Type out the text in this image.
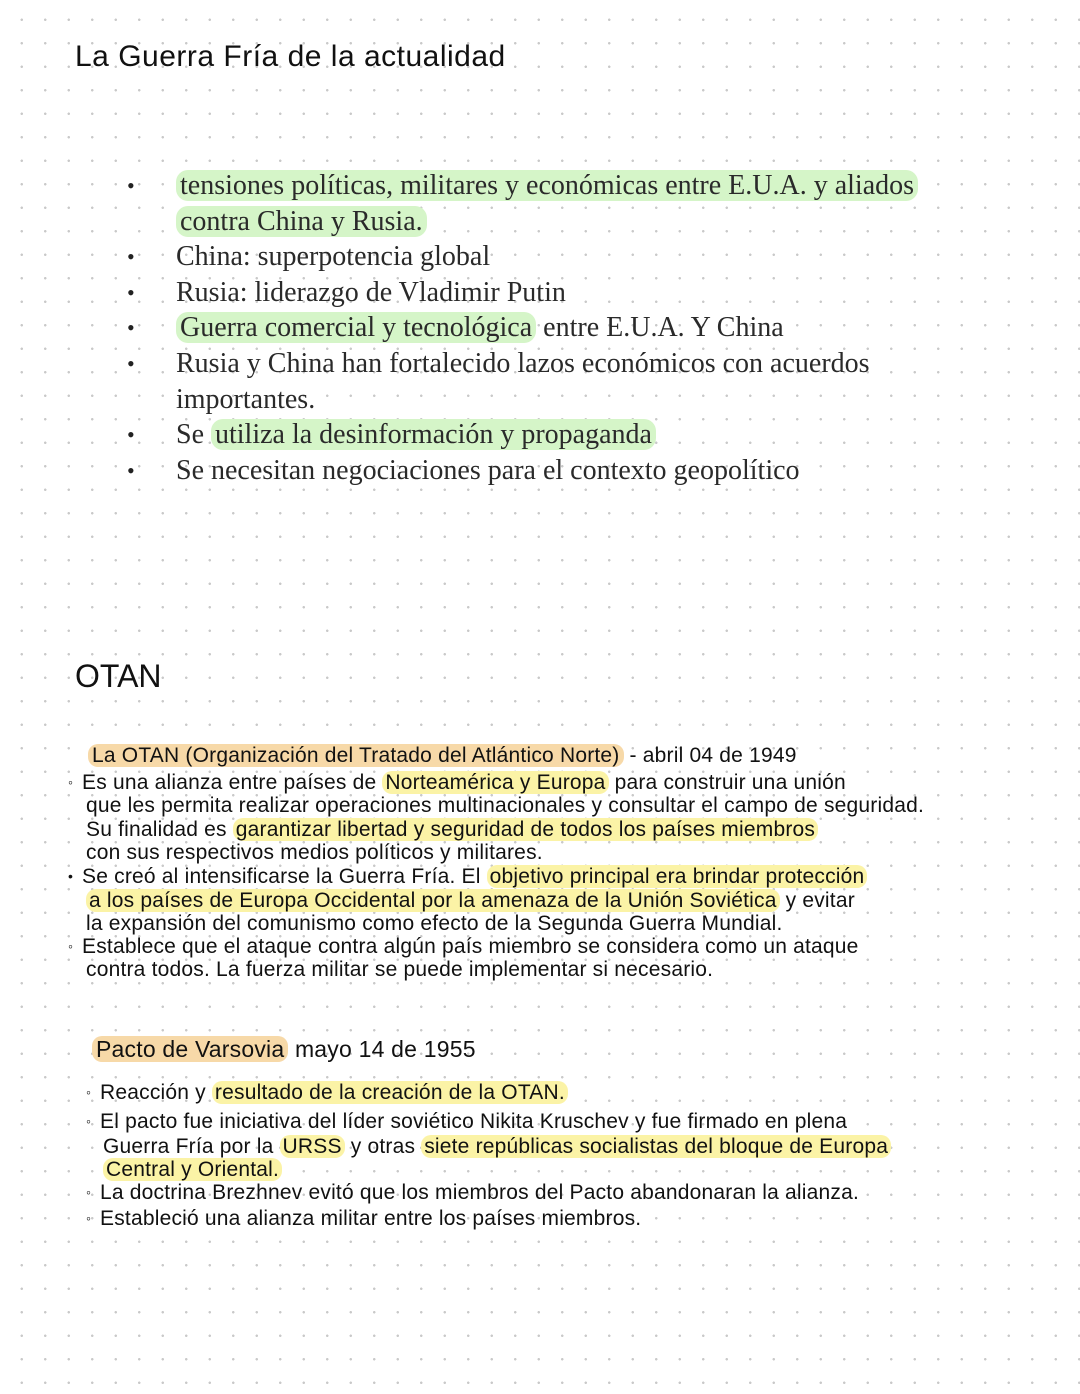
La Guerra Fría de la actualidad
• tensiones políticas, militares y económicas entre E.U.A. y aliados
contra China y Rusia.
• China: superpotencia global
• Rusia: liderazgo de Vladimir Putin
• Guerra comercial y tecnológica entre E.U.A. Y China
• Rusia y China han fortalecido lazos económicos con acuerdos
importantes.
• Se utiliza la desinformación y propaganda
• Se necesitan negociaciones para el contexto geopolítico
OTAN
La OTAN (Organización del Tratado del Atlántico Norte) - abril 04 de 1949
◦ Es una alianza entre países de Norteamérica y Europa para construir una unión
que les permita realizar operaciones multinacionales y consultar el campo de seguridad.
Su finalidad es garantizar libertad y seguridad de todos los países miembros
con sus respectivos medios políticos y militares.
• Se creó al intensificarse la Guerra Fría. El objetivo principal era brindar protección
a los países de Europa Occidental por la amenaza de la Unión Soviética y evitar
la expansión del comunismo como efecto de la Segunda Guerra Mundial.
◦ Establece que el ataque contra algún país miembro se considera como un ataque
contra todos. La fuerza militar se puede implementar si necesario.
Pacto de Varsovia mayo 14 de 1955
◦ Reacción y resultado de la creación de la OTAN.
◦ El pacto fue iniciativa del líder soviético Nikita Kruschev y fue firmado en plena
Guerra Fría por la URSS y otras siete repúblicas socialistas del bloque de Europa
Central y Oriental.
◦ La doctrina Brezhnev evitó que los miembros del Pacto abandonaran la alianza.
◦ Estableció una alianza militar entre los países miembros.
